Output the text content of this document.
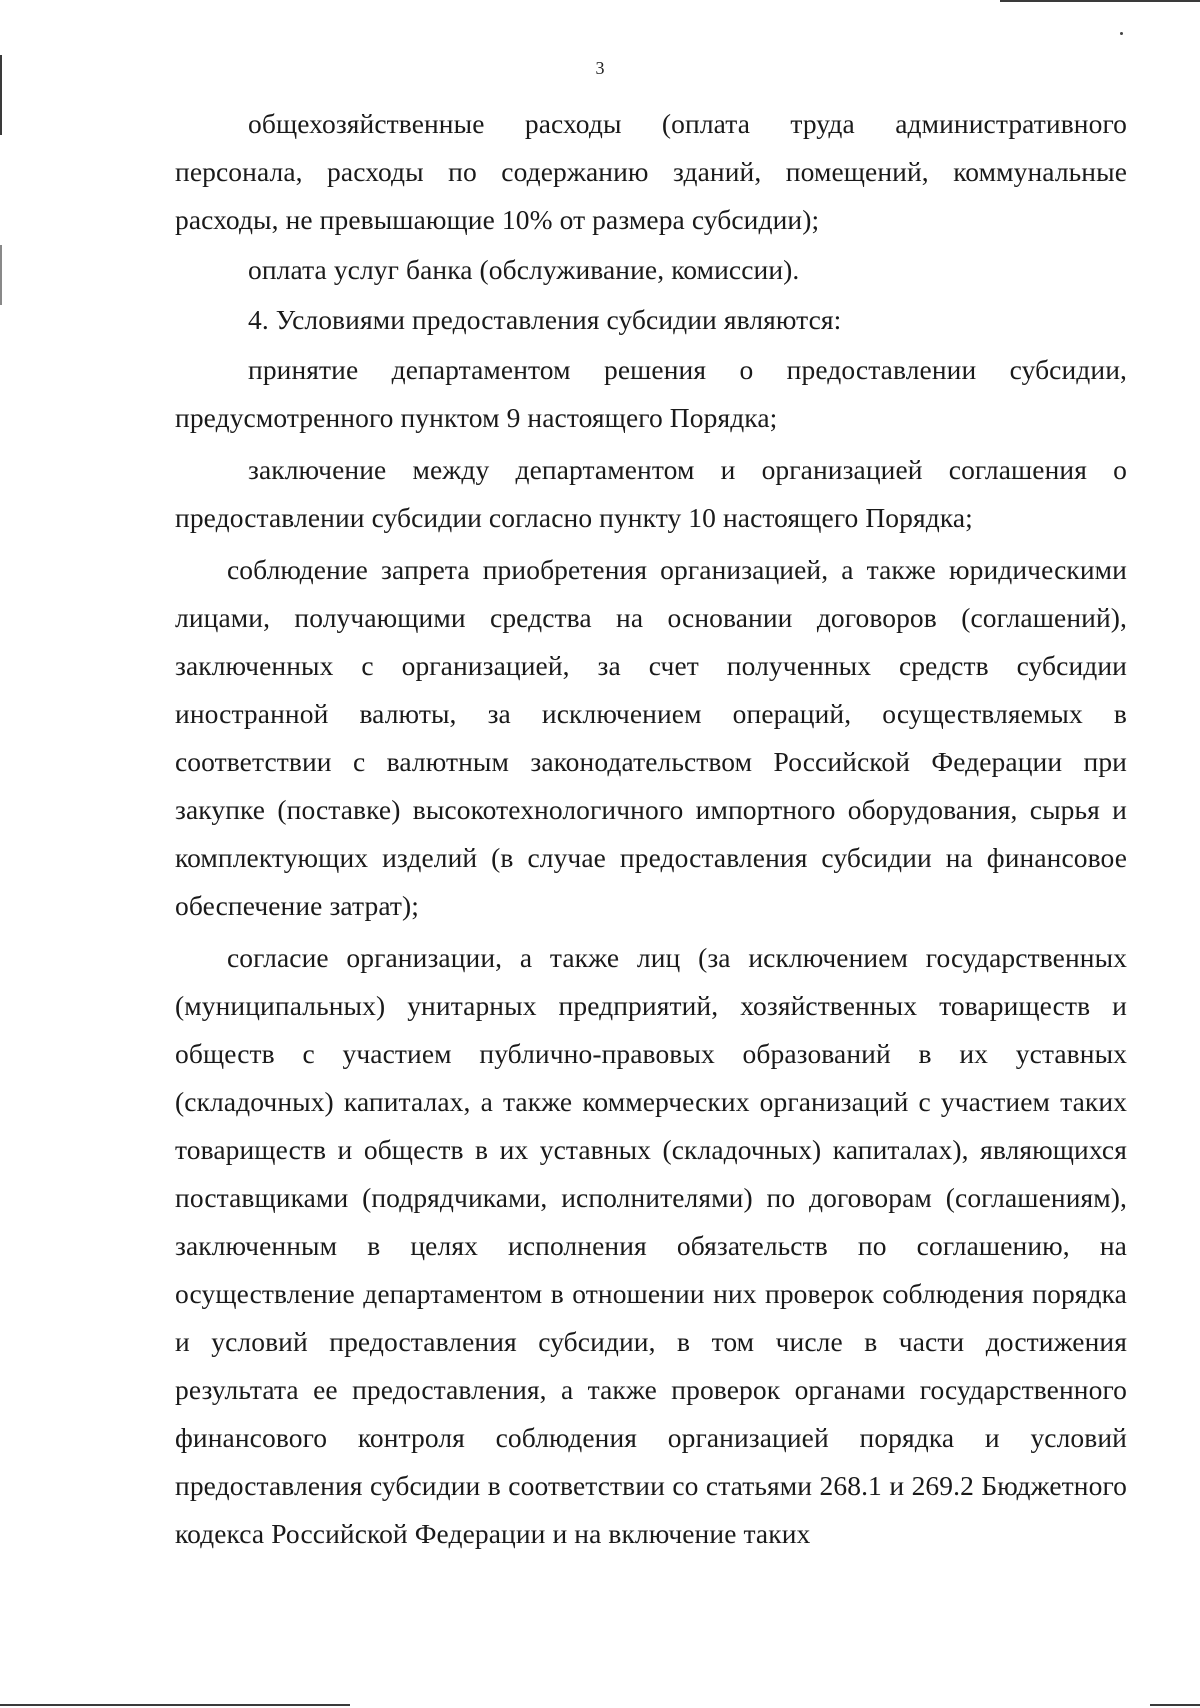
3

общехозяйственные расходы (оплата труда административного персонала, расходы по содержанию зданий, помещений, коммунальные расходы, не превышающие 10% от размера субсидии);

оплата услуг банка (обслуживание, комиссии).

4. Условиями предоставления субсидии являются:

принятие департаментом решения о предоставлении субсидии, предусмотренного пунктом 9 настоящего Порядка;

заключение между департаментом и организацией соглашения о предоставлении субсидии согласно пункту 10 настоящего Порядка;

соблюдение запрета приобретения организацией, а также юридическими лицами, получающими средства на основании договоров (соглашений), заключенных с организацией, за счет полученных средств субсидии иностранной валюты, за исключением операций, осуществляемых в соответствии с валютным законодательством Российской Федерации при закупке (поставке) высокотехнологичного импортного оборудования, сырья и комплектующих изделий (в случае предоставления субсидии на финансовое обеспечение затрат);

согласие организации, а также лиц (за исключением государственных (муниципальных) унитарных предприятий, хозяйственных товариществ и обществ с участием публично-правовых образований в их уставных (складочных) капиталах, а также коммерческих организаций с участием таких товариществ и обществ в их уставных (складочных) капиталах), являющихся поставщиками (подрядчиками, исполнителями) по договорам (соглашениям), заключенным в целях исполнения обязательств по соглашению, на осуществление департаментом в отношении них проверок соблюдения порядка и условий предоставления субсидии, в том числе в части достижения результата ее предоставления, а также проверок органами государственного финансового контроля соблюдения организацией порядка и условий предоставления субсидии в соответствии со статьями 268.1 и 269.2 Бюджетного кодекса Российской Федерации и на включение таких
